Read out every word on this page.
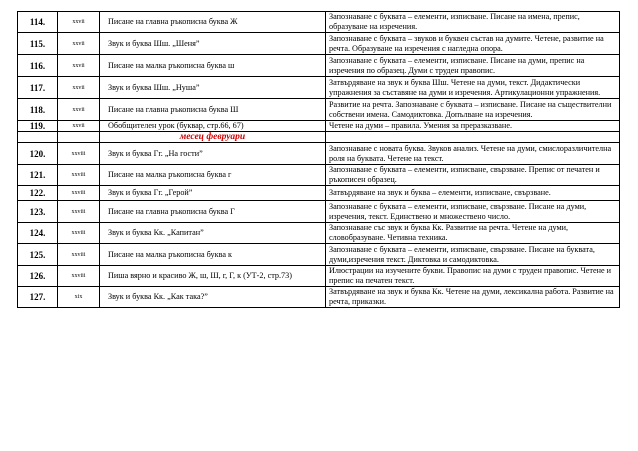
114.	xxvii	Писане на главна ръкописна буква Ж	Запознаване с буквата – елементи, изписване. Писане на имена, препис, образуване на изречения.
115.	xxvii	Звук и буква Шш. „Шеня”	Запознаване с буквата – звуков и буквен състав на думите. Четене, развитие на речта. Образуване на изречения с нагледна опора.
116.	xxvii	Писане на малка ръкописна буква ш	Запознаване с буквата – елементи, изписване. Писане на думи, препис на изречения по образец. Думи с труден правопис.
117.	xxvii	Звук и буква Шш. „Нуша”	Затвърдяване на звук и буква Шш. Четене на думи, текст. Дидактически упражнения за съставяне на думи и изречения. Артикулационни упражнения.
118.	xxvii	Писане на главна ръкописна буква Ш	Развитие на речта. Запознаване с буквата – изписване. Писане на съществителни собствени имена. Самодиктовка. Допълване на изречения.
119.	xxvii	Обобщителен урок (буквар, стр.66, 67)	Четене на думи – правила. Умения за преразказване.
		месец февруари	
120.	xxviii	Звук и буква Гг. „На гости”	Запознаване с новата буква. Звуков анализ. Четене на думи, смислоразличителна роля на буквата. Четене на текст.
121.	xxviii	Писане на малка ръкописна буква г	Запознаване с буквата – елементи, изписване, свързване. Препис от печатен и ръкописен образец.
122.	xxviii	Звук и буква Гг. „Герой”	Затвърдяване на звук и буква – елементи, изписване, свързване.
123.	xxviii	Писане на главна ръкописна буква Г	Запознаване с буквата – елементи, изписване, свързване. Писане на думи, изречения, текст. Единствено и множествено число.
124.	xxviii	Звук и буква Кк. „Капитан”	Запознаване със звук и буква Кк. Развитие на речта. Четене на думи, словобразуване. Четивна техника.
125.	xxviii	Писане на малка ръкописна буква к	Запознаване с буквата – елементи, изписване, свързване. Писане на буквата, думи,изречения текст. Диктовка и самодиктовка.
126.	xxviii	Пиша вярно и красиво Ж, ш, Ш, г, Г, к (УТ-2, стр.73)	Илюстрации на изучените букви. Правопис на думи с труден правопис. Четене и препис на печатен текст.
127.	xix	Звук и буква Кк. „Как така?”	Затвърдяване на звук и буква Кк. Четене на думи, лексикална работа. Развитие на речта, приказки.
